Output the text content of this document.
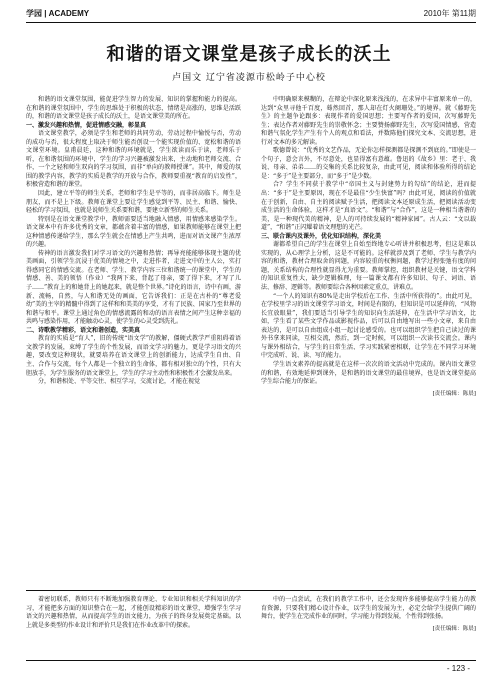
学园 | ACADEMY	2010年 第11期
和谐的语文课堂是孩子成长的沃土
卢国文 辽宁省凌源市松岭子中心校

和谐的语文课堂氛围，能促进学生智力的发展、知识的掌握和能力的提高。在和谐的课堂氛围中，学生的思维处于积极的状态，情绪是高涨的，思维是活跃的，和谐的语文课堂是孩子成长的沃土，是语文课堂美的所在。

一、激发兴趣和热情，促进情感交融，彰显真

语文课堂教学，必须是学生和老师的共同劳动，劳动过程中愉悦与否，劳动的成功与否，很大程度上取决于师生能否创设一个能实现价值的、宽松和谐的语文课堂环境。皇甫晨廷，这种和谐的环境就是，学生欲读而乐于读，老师乐于听，在和谐氛围的环境中，学生的学习兴趣被激发出来，主动地和老师交流、合作，一个之轻和师生双向的学习氛围，而非“单向的教师授课”。其中，师爱的氛围的教学内容，教学的实质是教学的开放与合作，教师要重视“教育的启发性”，积极营造和谐的课堂。

因此，建立平等的师生关系，老师和学生是平等的，而非居高临下。师生是朋友，而不是上下级。教师在课堂上要让学生感觉到平等、民主、和谐、愉快、轻松的学习氛围，也就是说师生关系要和谐，要建立新型的师生关系。

特别是在语文课堂教学中，教师需要适当地融入情感，用情感来感染学生。语文课本中有许多优秀的文章，都蕴含着丰富的情感，如果教师能够在课堂上把这种情感传递给学生，那么学生就会在情感上产生共鸣，进而对语文课产生浓厚的兴趣。

传神的语言激发我们对学习语文的兴趣和热情；再导亮能能够体现主题的优美画面，引领学生沉浸于优美的情境之中，走进作者，走进文中的主人公，实打得感同它的情感交流。在老师、学生、教学内容三位和谐统一的课堂中，学生的情感、善、美的领悟（作业）“我两下来，背起了母亲，要了得下来，才写了儿子……”教育上的和她背上的她起来，就是整个世界。”诗化的语言，诗中有画，游新、流畅，自然，与人和谐无处的画面，它告诉我们：正是在古朴的“尊老爱幼”美的主宰的精髓中得到了这样和和美美的享受，才有了民族、国家乃至世界的和谐与和平。课堂上通过角色的情感流露的和动的语言表情之间产生这种幸福的共鸣与感染作用，才能触动心灵，使学生的心灵受到洗礼。

二、诗歌教学精彩，语文和谐创造，实美真

教育的实质是“育人”，旧的传统“语文学”的教解，僵硬式教学严重阻碍着语文教学的发展，束缚了学生的个性发展，而语文学习的魅力，更是学习语文的兴趣，要改变这种现状，就要培养在语文课堂上的创新能力，达成学生自由、自主、合作与交流，每个人都是一个独立的生命体，都有相对独立的个性，只有大胆放手，为学生服务的语文课堂上，学生的学习主动性和积极性才会激发出来。

分，和谐相处、平等交往、相互学习，交流讨论，才能在视觉

中明确原来模糊的，在辩论中深化原来浅浅的，在求异中丰富原来单一的，达到“众里寻他千百度，蓦然回首，那人却在灯火阑珊处。”的境界。就《藤野先生》的主题争论跟多：表现作者的爱国思想；主要写作者的爱国，次写藤野先生；表达作者对藤野先生的崇敬怀念；主要赞扬藤野先生，次写爱国情感，营造和谐气氛化学生产生有个人的观点和看法，并数陈他们探究文本、交流思想，进行对文本的多元解读。

歌德曾说：“优秀的文艺作品，无论你怎样探测都是探测不到底的。”即使是一个句子，意会言外，不尽意处，也显得富有意蕴。鲁迅的《故乡》里：老于、我说、母亲、弟弟……的交集的关系比较复杂，由此可见，阅读和体验所得的结论是：“多于”是主要部分，而“多于”是少数。

合？学生不同获于教学中“帝国主义与封建势力的勾结”的结论，进而提出：“多于”是主要原因，现在不是最佳“少生快富”吗？由此可见，阅读的价值就在于创新，自由、自主的阅读赋予生活，把阅读文本还原成生活，把阅读活动变成生活的生命体验，这样才是“真语文”。“和谐”与“合作”，这是一种相当谐谐的美，是一种现代美的精神，是人的可持续发展的“精神家园”。古人云：“文以载道”，“和谐”正闪耀着语文理想的光芒。

三、联合课内及课外，优化知识结构，深化美

谢都希望自己的学生在课堂上自始至终地专心听讲并积极思考，但这是难以实现的，从心理学上分析，这是不可能的。这样就涉及到了老师、学生与教学内容的和谐，教材合理取舍的问题，内容较重的权衡问题，教学过程张弛有度的问题，关系结构的合理性就显得尤为重要。教师掌控，组织教材是关键，语文学科的知识重复性大，缺少逻辑推理，每一篇课文都有许多知识、句子、词语、语法、修辞、逻辑等。教师要综合各种因素定重点，讲难点。

“一个人的知识有80%是走出学校后在工作、生活中所获得的”。由此可见，在学校里学习的语文课堂学习语文，时间是有限的，但知识是可以延伸的，“风物长宜放眼量”，我们要适当引导学生的知识向生活延伸，在生活中学习语文，比如，学生看了某些文学作品或影视作品，后可以自由地写出一些小文章，来自由表达的，是可以自由组成小组一起讨论感受的。也可以组织学生把自己读过的课外书拿来同读，互相交流，然后，到一定时候，可以组织一次读书交流会。课内与课外相结合，与学生的日常生活、学习实践紧密相联，让学生在不同学习环境中完成听、说、读、写的能力。

学生语文素养的提高就是在这样一次次的语文活动中完成的。课内语文课堂的和谐，有效地延伸到课外，是和谐的语文课堂的最佳境界，也是语文课堂提高学生综合能力的保证。

[责任编辑：陈晨]

着密切联系，教师只有不断地加强教育理论、专业知识和相关学科知识的学习，才能把多方面的知识整合在一起，才能创设精彩的语文课堂，增强学生学习语文的兴趣和热情，从而提高学生的语文能力，为孩子的终身发展奠定基础。以上就是多类型的作业设计和评价只是我们在作业改革中的探索。

中的一点尝试，在我们的教学工作中，还会发现许多能够提高学生能力的教育资源，只要我们精心设计作业，以学生的发展为主，必定会给学生提供广阔的舞台，使学生在完成作业的同时，学习能力得到发展，个性得到张扬。

[责任编辑：陈晨]
- 123 -
